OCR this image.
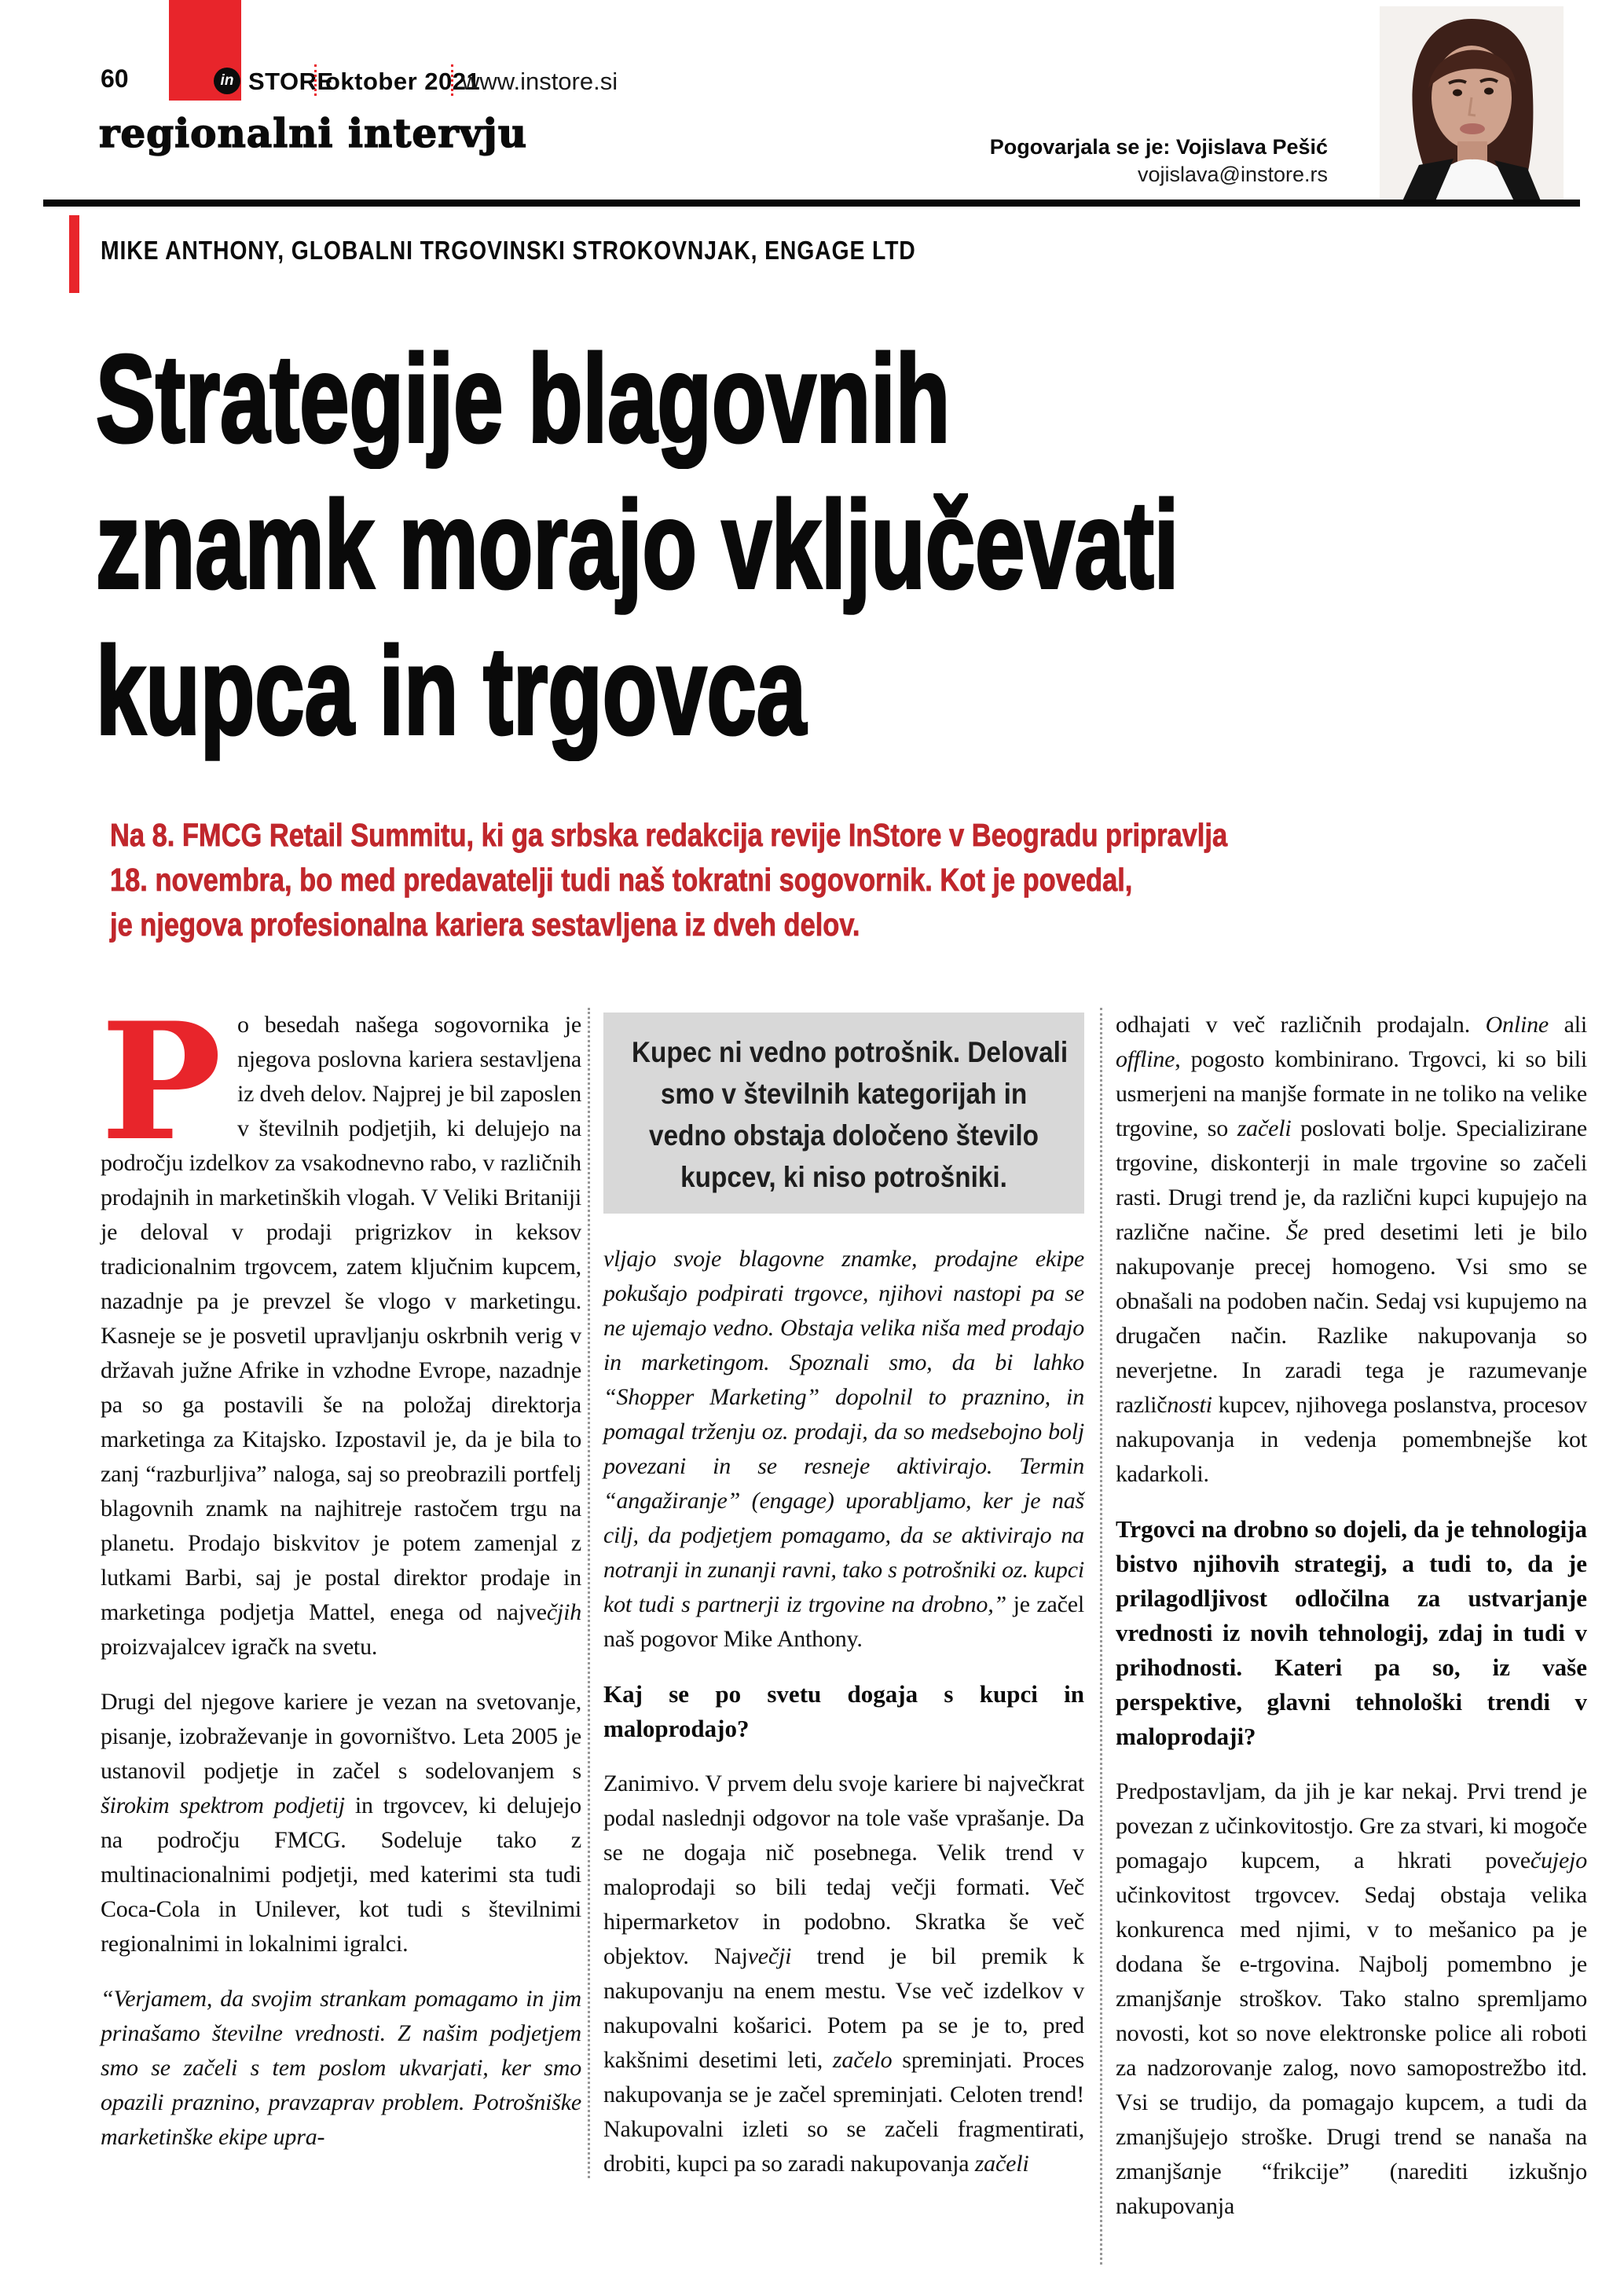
60	in STORE
oktober 2021
www.instore.si
regionalni intervju	Pogovarjala se je: Vojislava Pešić
vojislava@instore.rs
MIKE ANTHONY, GLOBALNI TRGOVINSKI STROKOVNJAK, ENGAGE LTD
Strategije blagovnih
znamk morajo vključevati
kupca in trgovca
Na 8. FMCG Retail Summitu, ki ga srbska redakcija revije InStore v Beogradu pripravlja
18. novembra, bo med predavatelji tudi naš tokratni sogovornik. Kot je povedal,
je njegova profesionalna kariera sestavljena iz dveh delov.

Po besedah našega sogovornika je njegova poslovna kariera sestavljena iz dveh delov. Najprej je bil zaposlen v številnih podjetjih, ki delujejo na področju izdelkov za vsakodnevno rabo, v različnih prodajnih in marketinških vlogah. V Veliki Britaniji je deloval v prodaji prigrizkov in keksov tradicionalnim trgovcem, zatem ključnim kupcem, nazadnje pa je prevzel še vlogo v marketingu. Kasneje se je posvetil upravljanju oskrbnih verig v državah južne Afrike in vzhodne Evrope, nazadnje pa so ga postavili še na položaj direktorja marketinga za Kitajsko. Izpostavil je, da je bila to zanj “razburljiva” naloga, saj so preobrazili portfelj blagovnih znamk na najhitreje rastočem trgu na planetu. Prodajo biskvitov je potem zamenjal z lutkami Barbi, saj je postal direktor prodaje in marketinga podjetja Mattel, enega od največjih proizvajalcev igračk na svetu.

Drugi del njegove kariere je vezan na svetovanje, pisanje, izobraževanje in govorništvo. Leta 2005 je ustanovil podjetje in začel s sodelovanjem s širokim spektrom podjetij in trgovcev, ki delujejo na področju FMCG. Sodeluje tako z multinacionalnimi podjetji, med katerimi sta tudi Coca-Cola in Unilever, kot tudi s številnimi regionalnimi in lokalnimi igralci.

“Verjamem, da svojim strankam pomagamo in jim prinašamo številne vrednosti. Z našim podjetjem smo se začeli s tem poslom ukvarjati, ker smo opazili praznino, pravzaprav problem. Potrošniške marketinške ekipe upra-

Kupec ni vedno potrošnik. Delovali
smo v številnih kategorijah in
vedno obstaja določeno število
kupcev, ki niso potrošniki.

vljajo svoje blagovne znamke, prodajne ekipe pokušajo podpirati trgovce, njihovi nastopi pa se ne ujemajo vedno. Obstaja velika niša med prodajo in marketingom. Spoznali smo, da bi lahko “Shopper Marketing” dopolnil to praznino, in pomagal trženju oz. prodaji, da so medsebojno bolj povezani in se resneje aktivirajo. Termin “angažiranje” (engage) uporabljamo, ker je naš cilj, da podjetjem pomagamo, da se aktivirajo na notranji in zunanji ravni, tako s potrošniki oz. kupci kot tudi s partnerji iz trgovine na drobno,” je začel naš pogovor Mike Anthony.

Kaj se po svetu dogaja s kupci in maloprodajo?

Zanimivo. V prvem delu svoje kariere bi največkrat podal naslednji odgovor na tole vaše vprašanje. Da se ne dogaja nič posebnega. Velik trend v maloprodaji so bili tedaj večji formati. Več hipermarketov in podobno. Skratka še več objektov. Največji trend je bil premik k nakupovanju na enem mestu. Vse več izdelkov v nakupovalni košarici. Potem pa se je to, pred kakšnimi desetimi leti, začelo spreminjati. Proces nakupovanja se je začel spreminjati. Celoten trend! Nakupovalni izleti so se začeli fragmentirati, drobiti, kupci pa so zaradi nakupovanja začeli

odhajati v več različnih prodajaln. Online ali offline, pogosto kombinirano. Trgovci, ki so bili usmerjeni na manjše formate in ne toliko na velike trgovine, so začeli poslovati bolje. Specializirane trgovine, diskonterji in male trgovine so začeli rasti. Drugi trend je, da različni kupci kupujejo na različne načine. Še pred desetimi leti je bilo nakupovanje precej homogeno. Vsi smo se obnašali na podoben način. Sedaj vsi kupujemo na drugačen način. Razlike nakupovanja so neverjetne. In zaradi tega je razumevanje različnosti kupcev, njihovega poslanstva, procesov nakupovanja in vedenja pomembnejše kot kadarkoli.

Trgovci na drobno so dojeli, da je tehnologija bistvo njihovih strategij, a tudi to, da je prilagodljivost odločilna za ustvarjanje vrednosti iz novih tehnologij, zdaj in tudi v prihodnosti. Kateri pa so, iz vaše perspektive, glavni tehnološki trendi v maloprodaji?

Predpostavljam, da jih je kar nekaj. Prvi trend je povezan z učinkovitostjo. Gre za stvari, ki mogoče pomagajo kupcem, a hkrati povečujejo učinkovitost trgovcev. Sedaj obstaja velika konkurenca med njimi, v to mešanico pa je dodana še e-trgovina. Najbolj pomembno je zmanjšanje stroškov. Tako stalno spremljamo novosti, kot so nove elektronske police ali roboti za nadzorovanje zalog, novo samopostrežbo itd. Vsi se trudijo, da pomagajo kupcem, a tudi da zmanjšujejo stroške. Drugi trend se nanaša na zmanjšanje “frikcije” (narediti izkušnjo nakupovanja
